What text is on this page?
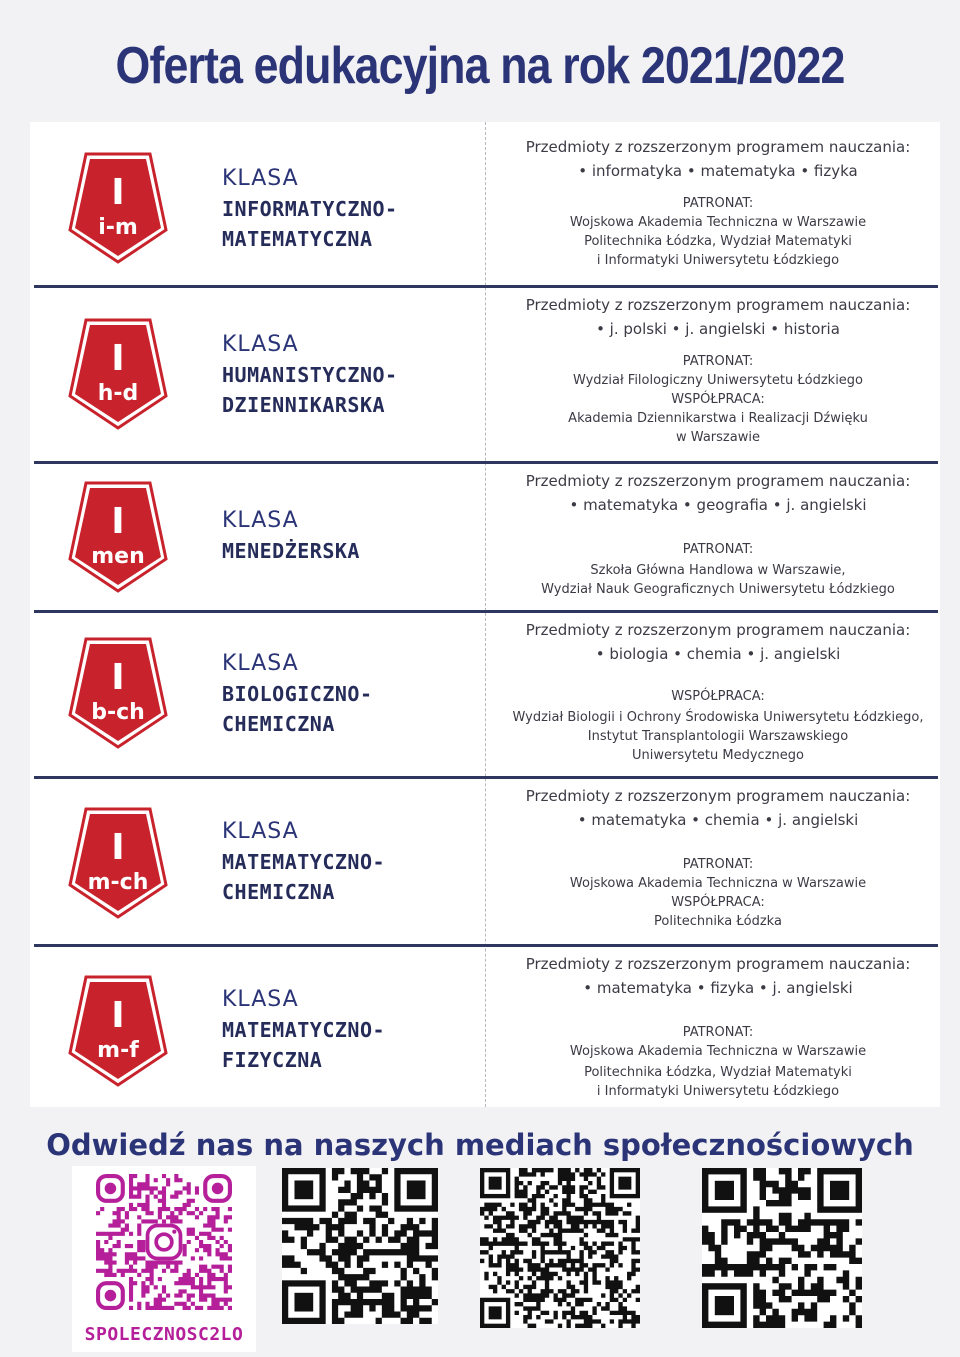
Oferta edukacyjna na rok 2021/2022
I
i-m
KLASA
INFORMATYCZNO-
MATEMATYCZNA
Przedmioty z rozszerzonym programem nauczania:
• informatyka • matematyka • fizyka
PATRONAT:
Wojskowa Akademia Techniczna w Warszawie
Politechnika Łódzka, Wydział Matematyki
i Informatyki Uniwersytetu Łódzkiego
I
h-d
KLASA
HUMANISTYCZNO-
DZIENNIKARSKA
Przedmioty z rozszerzonym programem nauczania:
• j. polski • j. angielski • historia
PATRONAT:
Wydział Filologiczny Uniwersytetu Łódzkiego
WSPÓŁPRACA:
Akademia Dziennikarstwa i Realizacji Dźwięku
w Warszawie
I
men
KLASA
MENEDŻERSKA
Przedmioty z rozszerzonym programem nauczania:
• matematyka • geografia • j. angielski
PATRONAT:
Szkoła Główna Handlowa w Warszawie,
Wydział Nauk Geograficznych Uniwersytetu Łódzkiego
I
b-ch
KLASA
BIOLOGICZNO-
CHEMICZNA
Przedmioty z rozszerzonym programem nauczania:
• biologia • chemia • j. angielski
WSPÓŁPRACA:
Wydział Biologii i Ochrony Środowiska Uniwersytetu Łódzkiego,
Instytut Transplantologii Warszawskiego
Uniwersytetu Medycznego
I
m-ch
KLASA
MATEMATYCZNO-
CHEMICZNA
Przedmioty z rozszerzonym programem nauczania:
• matematyka • chemia • j. angielski
PATRONAT:
Wojskowa Akademia Techniczna w Warszawie
WSPÓŁPRACA:
Politechnika Łódzka
I
m-f
KLASA
MATEMATYCZNO-
FIZYCZNA
Przedmioty z rozszerzonym programem nauczania:
• matematyka • fizyka • j. angielski
PATRONAT:
Wojskowa Akademia Techniczna w Warszawie
Politechnika Łódzka, Wydział Matematyki
i Informatyki Uniwersytetu Łódzkiego
Odwiedź nas na naszych mediach społecznościowych
SPOLECZNOSC2LO
